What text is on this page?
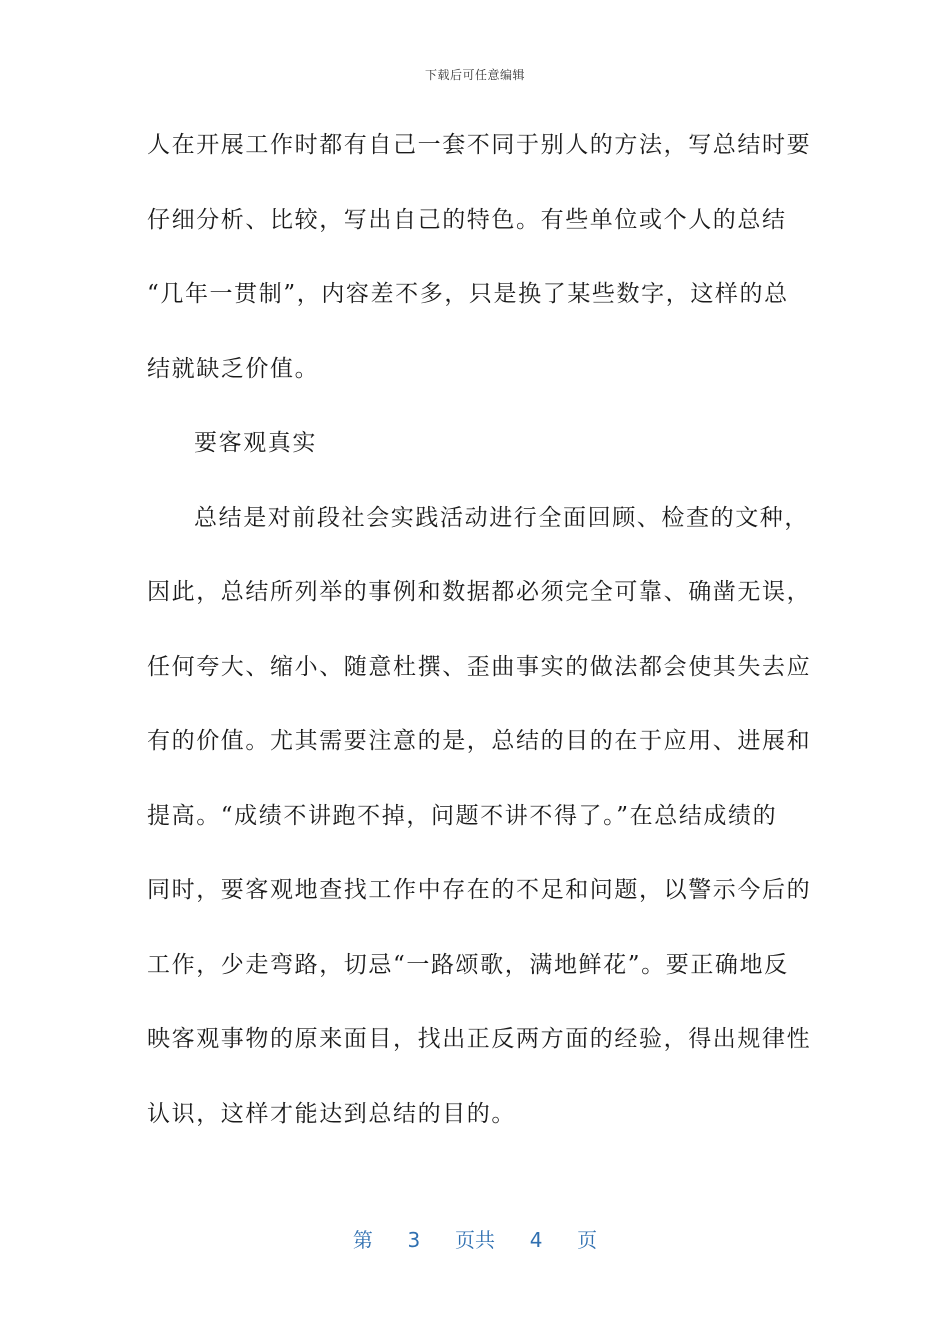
下载后可任意编辑
人在开展工作时都有自己一套不同于别人的方法，写总结时要
仔细分析、比较，写出自己的特色。有些单位或个人的总结
“几年一贯制”，内容差不多，只是换了某些数字，这样的总
结就缺乏价值。
要客观真实
总结是对前段社会实践活动进行全面回顾、检查的文种，
因此，总结所列举的事例和数据都必须完全可靠、确凿无误，
任何夸大、缩小、随意杜撰、歪曲事实的做法都会使其失去应
有的价值。尤其需要注意的是，总结的目的在于应用、进展和
提高。“成绩不讲跑不掉，问题不讲不得了。”在总结成绩的
同时，要客观地查找工作中存在的不足和问题，以警示今后的
工作，少走弯路，切忌“一路颂歌，满地鲜花”。要正确地反
映客观事物的原来面目，找出正反两方面的经验，得出规律性
认识，这样才能达到总结的目的。
第 3 页共 4 页
